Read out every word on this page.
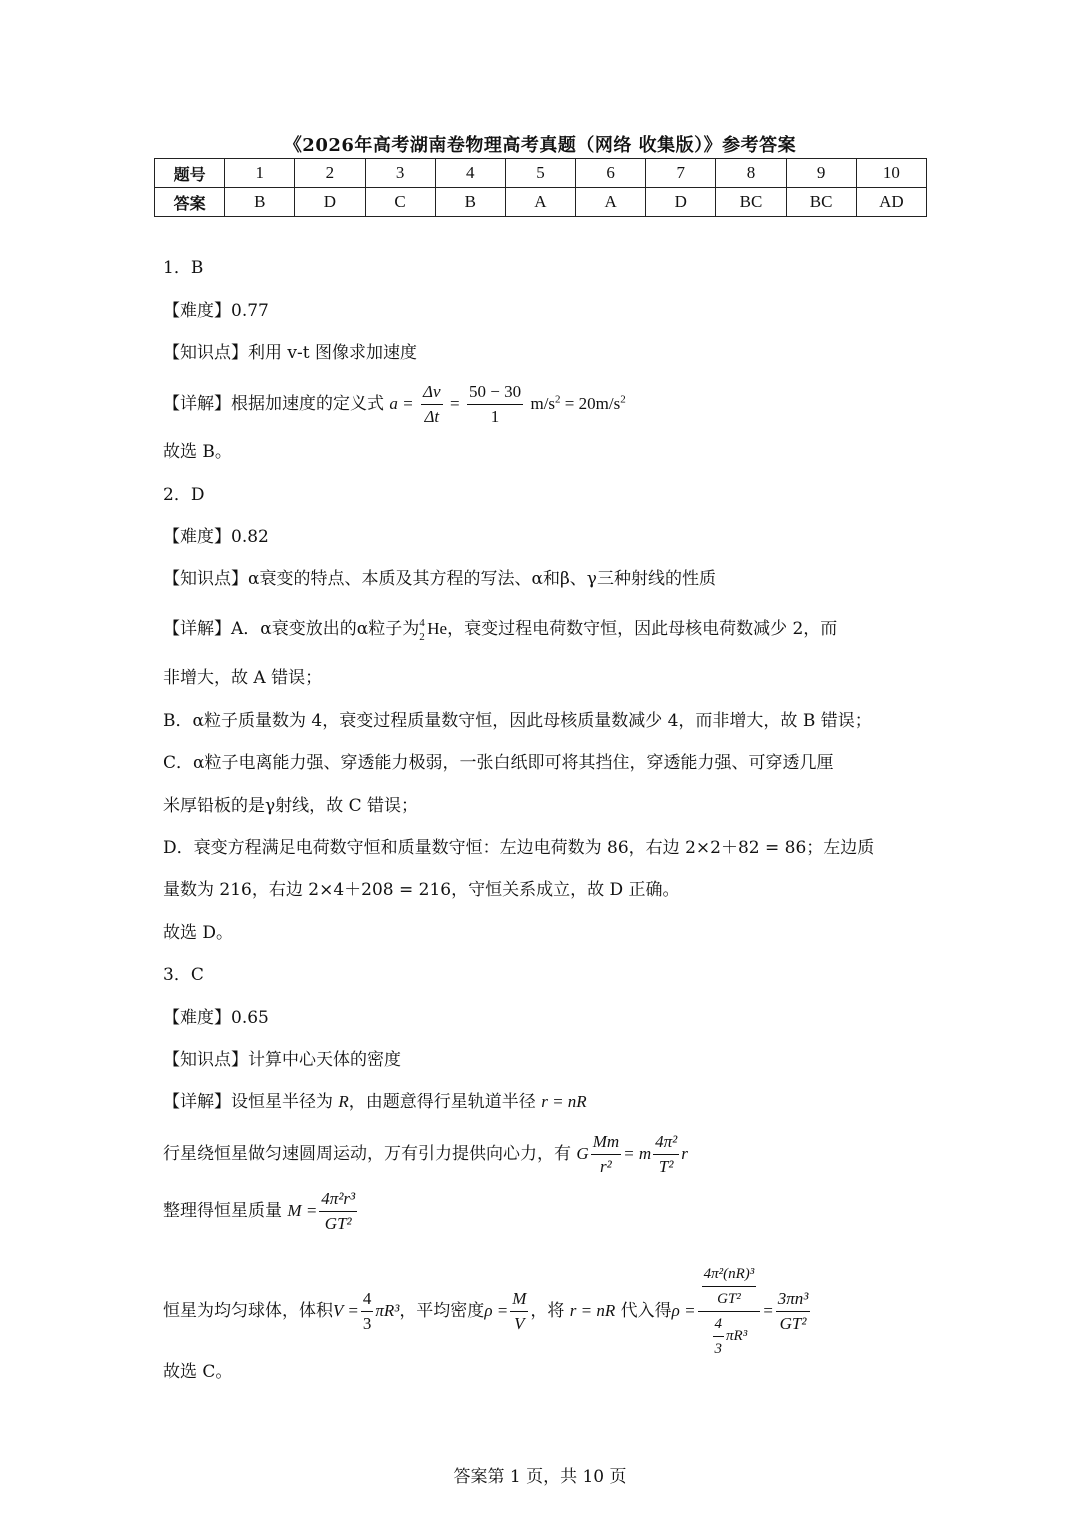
《2026年高考湖南卷物理高考真题（网络 收集版）》参考答案
题号	1	2	3	4	5	6	7	8	9	10
答案	B	D	C	B	A	A	D	BC	BC	AD
1．B
【难度】0.77
【知识点】利用 v-t 图像求加速度
【详解】根据加速度的定义式 $a = \frac{\Delta v}{\Delta t} = \frac{50 - 30}{1} m/s^2 = 20m/s^2$
故选 B。
2．D
【难度】0.82
【知识点】α衰变的特点、本质及其方程的写法、α和β、γ三种射线的性质
【详解】A．α衰变放出的α粒子为 4
2 He，衰变过程电荷数守恒，因此母核电荷数减少 2，而
非增大，故 A 错误；
B．α粒子质量数为 4，衰变过程质量数守恒，因此母核质量数减少 4，而非增大，故 B 错误；
C．α粒子电离能力强、穿透能力极弱，一张白纸即可将其挡住，穿透能力强、可穿透几厘
米厚铅板的是γ射线，故 C 错误；
D．衰变方程满足电荷数守恒和质量数守恒：左边电荷数为 86，右边 2×2＋82 = 86；左边质
量数为 216，右边 2×4＋208 = 216，守恒关系成立，故 D 正确。
故选 D。
3．C
【难度】0.65
【知识点】计算中心天体的密度
【详解】设恒星半径为 R，由题意得行星轨道半径 r = nR
行星绕恒星做匀速圆周运动，万有引力提供向心力，有 G $\frac{Mm}{\text{r²}} = m \frac{\text{4π²}}{\text{T²}}$ r
整理得恒星质量 $M = \frac{\text{4π²r³}}{\text{GT²}}$
恒星为均匀球体，体积$V = \frac{4}{3} \pi R^3$，平均密度$\rho = \frac{M}{V}$ ，将 r = nR 代入得$\rho = \frac{\frac{\text{4π²(nR)³}}{\text{GT²}}}{\frac{4}{3} \pi R^3} = \frac{\text{3πn³}}{\text{GT²}}$
故选 C。
答案第 1 页，共 10 页
